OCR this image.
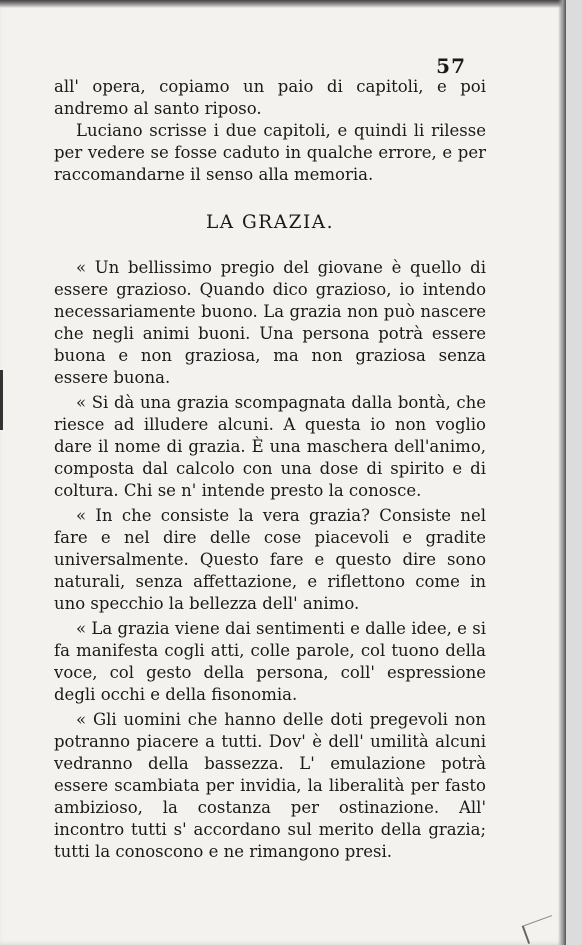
57

all' opera, copiamo un paio di capitoli, e poi andremo al santo riposo.

Luciano scrisse i due capitoli, e quindi li rilesse per vedere se fosse caduto in qualche errore, e per raccomandarne il senso alla memoria.

LA GRAZIA.

« Un bellissimo pregio del giovane è quello di essere grazioso. Quando dico grazioso, io intendo necessariamente buono. La grazia non può nascere che negli animi buoni. Una persona potrà essere buona e non graziosa, ma non graziosa senza essere buona.

« Si dà una grazia scompagnata dalla bontà, che riesce ad illudere alcuni. A questa io non voglio dare il nome di grazia. È una maschera dell'animo, composta dal calcolo con una dose di spirito e di coltura. Chi se n' intende presto la conosce.

« In che consiste la vera grazia? Consiste nel fare e nel dire delle cose piacevoli e gradite universalmente. Questo fare e questo dire sono naturali, senza affettazione, e riflettono come in uno specchio la bellezza dell' animo.

« La grazia viene dai sentimenti e dalle idee, e si fa manifesta cogli atti, colle parole, col tuono della voce, col gesto della persona, coll' espressione degli occhi e della fisonomia.

« Gli uomini che hanno delle doti pregevoli non potranno piacere a tutti. Dov' è dell' umilità alcuni vedranno della bassezza. L' emulazione potrà essere scambiata per invidia, la liberalità per fasto ambizioso, la costanza per ostinazione. All' incontro tutti s' accordano sul merito della grazia; tutti la conoscono e ne rimangono presi.
